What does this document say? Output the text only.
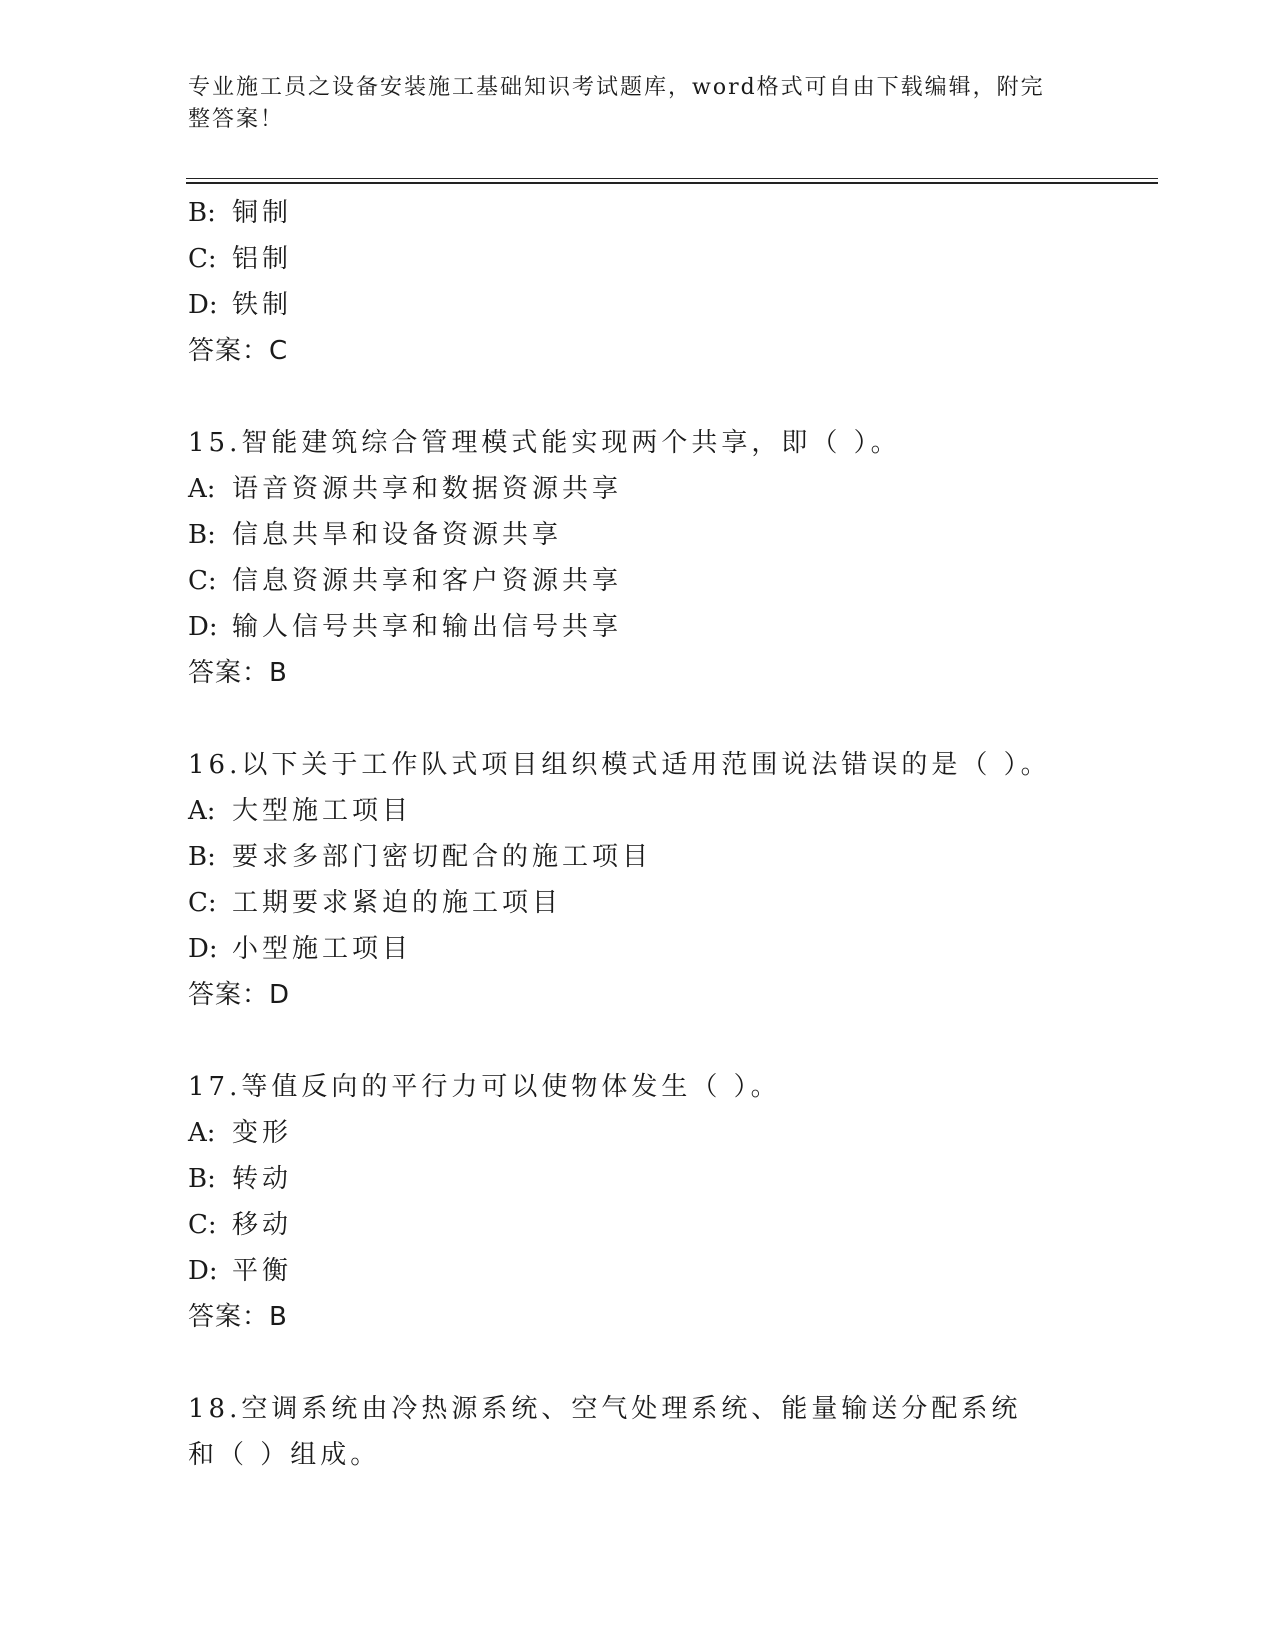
专业施工员之设备安装施工基础知识考试题库，word格式可自由下载编辑，附完整答案！
B: 铜制
C: 铝制
D: 铁制
答案：C
15.智能建筑综合管理模式能实现两个共享，即（ ）。
A: 语音资源共享和数据资源共享
B: 信息共旱和设备资源共享
C: 信息资源共享和客户资源共享
D: 输人信号共享和输出信号共享
答案：B
16.以下关于工作队式项目组织模式适用范围说法错误的是（ ）。
A: 大型施工项目
B: 要求多部门密切配合的施工项目
C: 工期要求紧迫的施工项目
D: 小型施工项目
答案：D
17.等值反向的平行力可以使物体发生（ ）。
A: 变形
B: 转动
C: 移动
D: 平衡
答案：B
18.空调系统由冷热源系统、空气处理系统、能量输送分配系统和（ ）组成。
